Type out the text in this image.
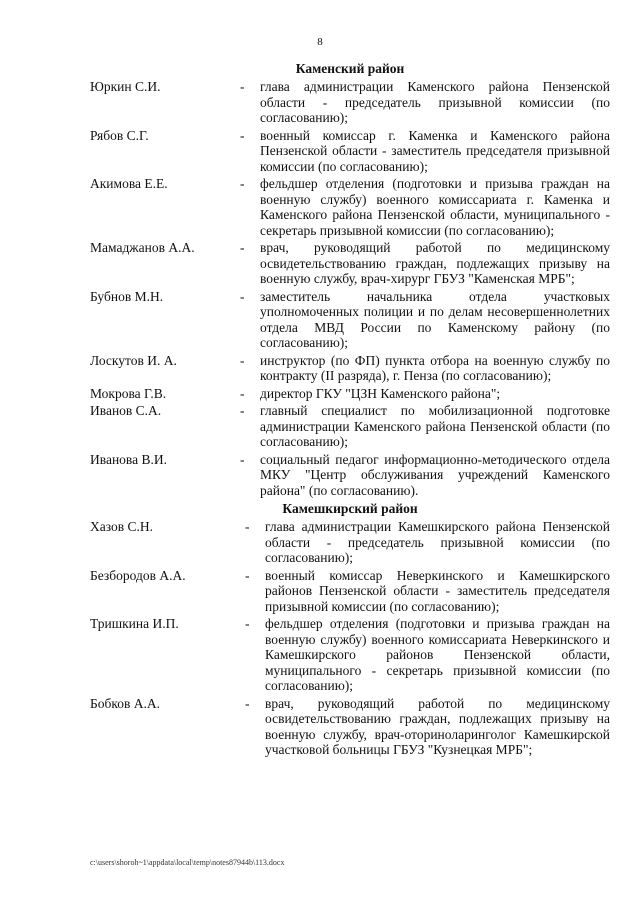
8
Каменский район
Юркин С.И.	-	глава администрации Каменского района Пензенской области - председатель призывной комиссии (по согласованию);
Рябов С.Г.	-	военный комиссар г. Каменка и Каменского района Пензенской области - заместитель председателя призывной комиссии (по согласованию);
Акимова Е.Е.	-	фельдшер отделения (подготовки и призыва граждан на военную службу) военного комиссариата г. Каменка и Каменского района Пензенской области, муниципального - секретарь призывной комиссии (по согласованию);
Мамаджанов А.А.	-	врач, руководящий работой по медицинскому освидетельствованию граждан, подлежащих призыву на военную службу, врач-хирург ГБУЗ "Каменская МРБ";
Бубнов М.Н.	-	заместитель начальника отдела участковых уполномоченных полиции и по делам несовершеннолетних отдела МВД России по Каменскому району (по согласованию);
Лоскутов И. А.	-	инструктор (по ФП) пункта отбора на военную службу по контракту (II разряда), г. Пенза (по согласованию);
Мокрова Г.В.	-	директор ГКУ "ЦЗН Каменского района";
Иванов С.А.	-	главный специалист по мобилизационной подготовке администрации Каменского района Пензенской области (по согласованию);
Иванова В.И.	-	социальный педагог информационно-методического отдела МКУ "Центр обслуживания учреждений Каменского района" (по согласованию).
Камешкирский район
Хазов С.Н.	-	глава администрации Камешкирского района Пензенской области - председатель призывной комиссии (по согласованию);
Безбородов А.А.	-	военный комиссар Неверкинского и Камешкирского районов Пензенской области - заместитель председателя призывной комиссии (по согласованию);
Тришкина И.П.	-	фельдшер отделения (подготовки и призыва граждан на военную службу) военного комиссариата Неверкинского и Камешкирского районов Пензенской области, муниципального - секретарь призывной комиссии (по согласованию);
Бобков А.А.	-	врач, руководящий работой по медицинскому освидетельствованию граждан, подлежащих призыву на военную службу, врач-оториноларинголог Камешкирской участковой больницы ГБУЗ "Кузнецкая МРБ";
c:\users\shoroh~1\appdata\local\temp\notes87944b\113.docx
